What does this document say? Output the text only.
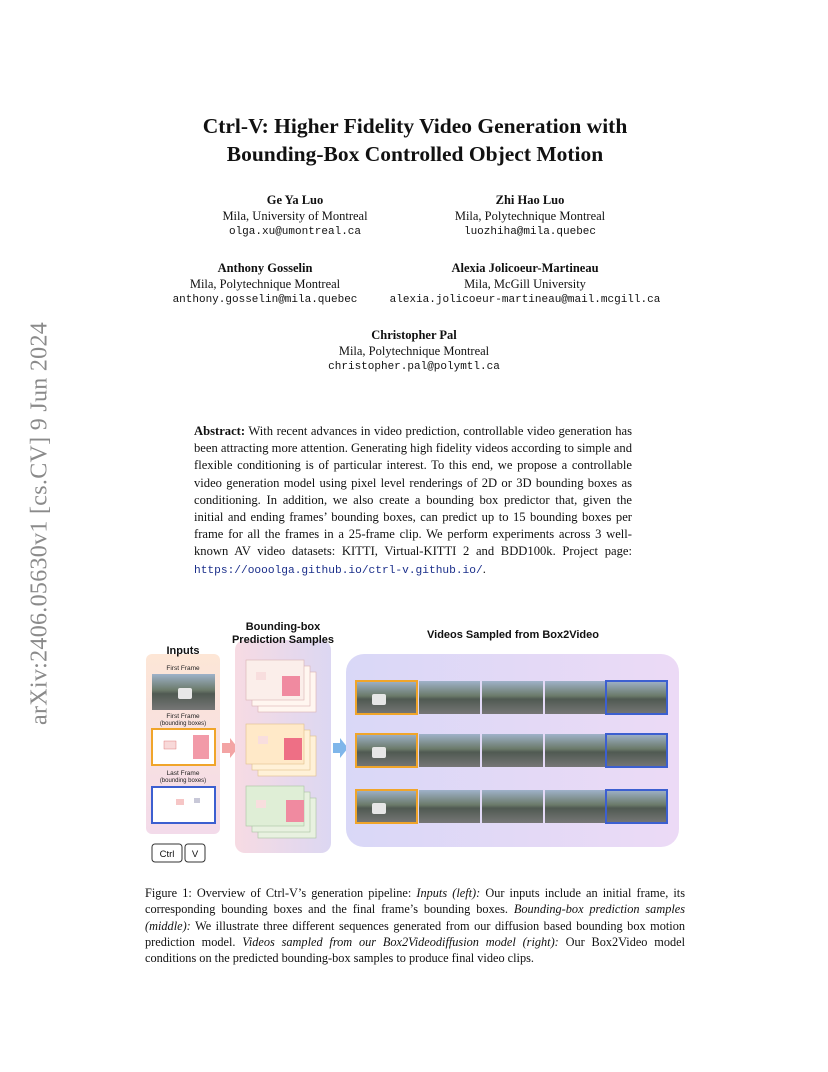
arXiv:2406.05630v1 [cs.CV] 9 Jun 2024
Ctrl-V: Higher Fidelity Video Generation with
Bounding-Box Controlled Object Motion
Ge Ya Luo
Mila, University of Montreal
olga.xu@umontreal.ca
Zhi Hao Luo
Mila, Polytechnique Montreal
luozhiha@mila.quebec
Anthony Gosselin
Mila, Polytechnique Montreal
anthony.gosselin@mila.quebec
Alexia Jolicoeur-Martineau
Mila, McGill University
alexia.jolicoeur-martineau@mail.mcgill.ca
Christopher Pal
Mila, Polytechnique Montreal
christopher.pal@polymtl.ca
Abstract: With recent advances in video prediction, controllable video generation has been attracting more attention. Generating high fidelity videos according to simple and flexible conditioning is of particular interest. To this end, we propose a controllable video generation model using pixel level renderings of 2D or 3D bounding boxes as conditioning. In addition, we also create a bounding box predictor that, given the initial and ending frames’ bounding boxes, can predict up to 15 bounding boxes per frame for all the frames in a 25-frame clip. We perform experiments across 3 well-known AV video datasets: KITTI, Virtual-KITTI 2 and BDD100k. Project page: https://oooolga.github.io/ctrl-v.github.io/.
Inputs
First Frame
First Frame
(bounding boxes)
Last Frame
(bounding boxes)
Ctrl V
Bounding-box
Prediction Samples	Videos Sampled from Box2Video
Figure 1: Overview of Ctrl-V’s generation pipeline: Inputs (left): Our inputs include an initial frame, its corresponding bounding boxes and the final frame’s bounding boxes. Bounding-box prediction samples (middle): We illustrate three different sequences generated from our diffusion based bounding box motion prediction model. Videos sampled from our Box2Videodiffusion model (right): Our Box2Video model conditions on the predicted bounding-box samples to produce final video clips.
